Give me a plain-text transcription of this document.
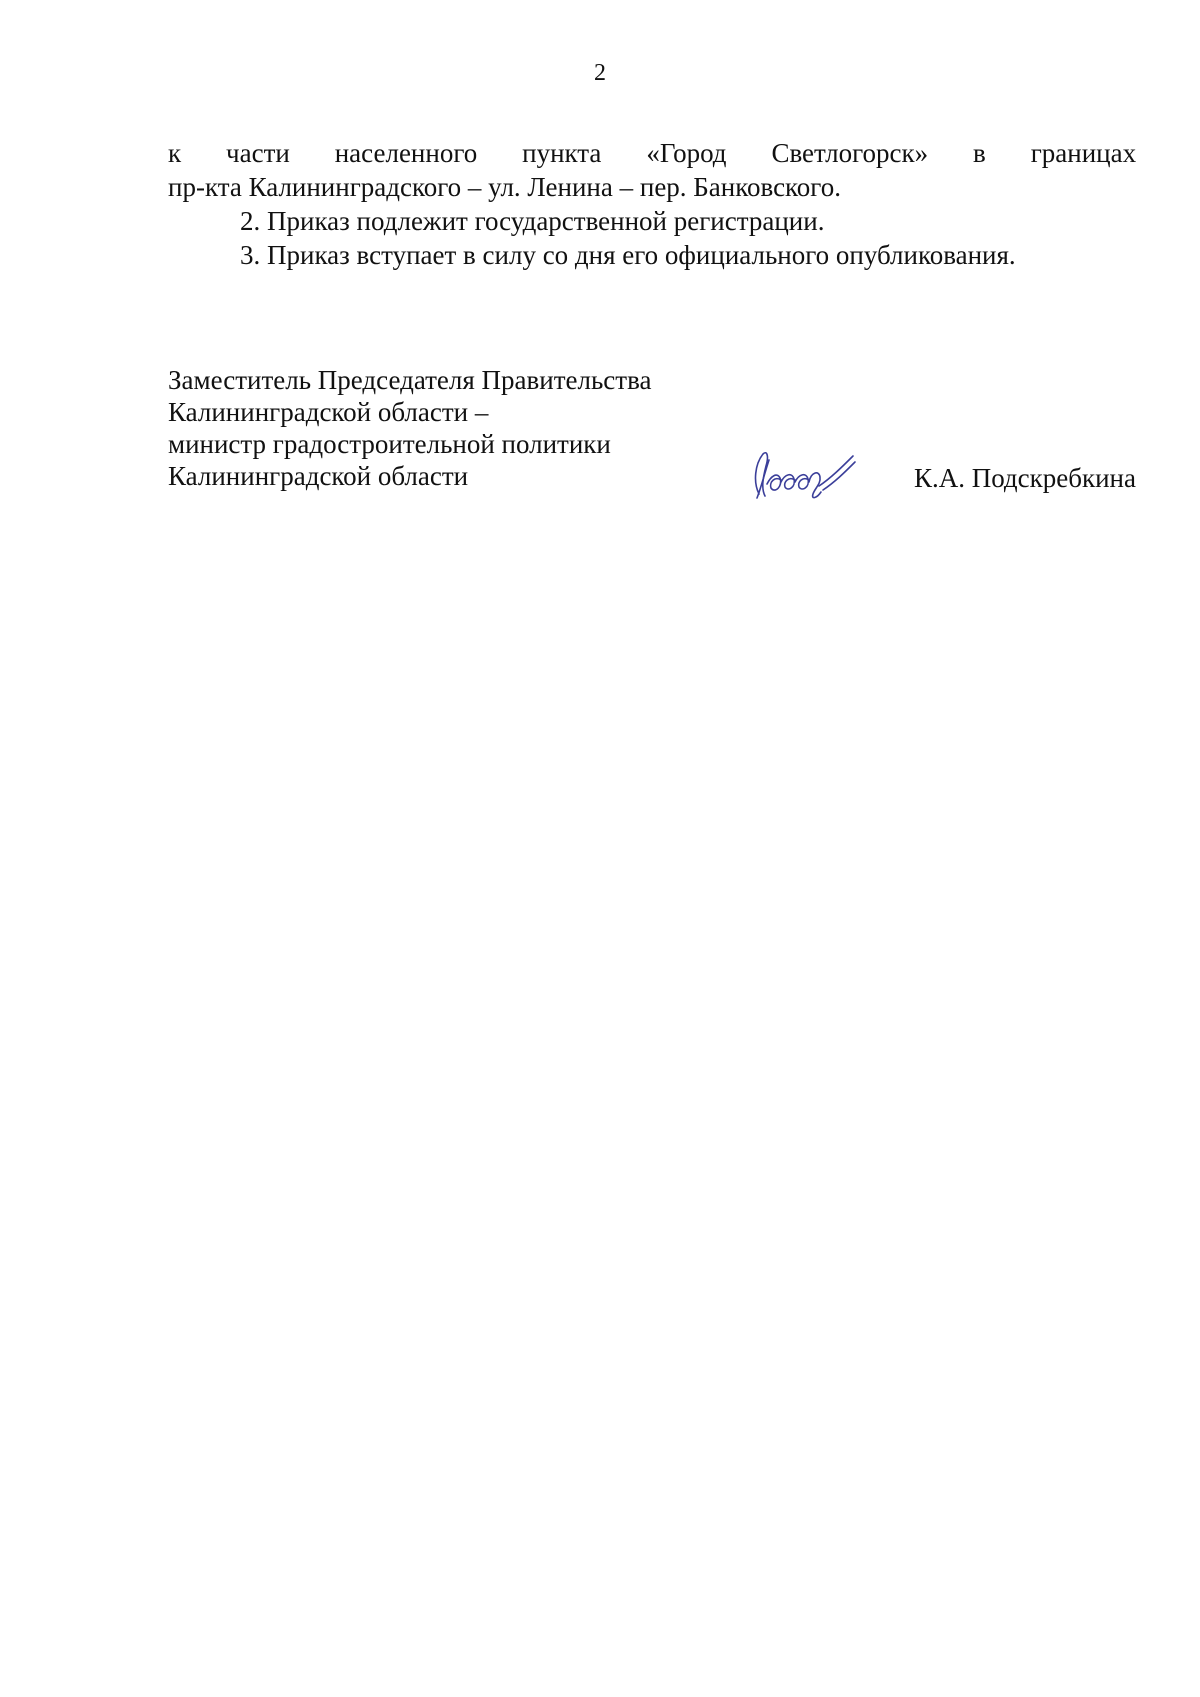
2
к части населенного пункта «Город Светлогорск» в границах
пр-кта Калининградского – ул. Ленина – пер. Банковского.
2. Приказ подлежит государственной регистрации.
3. Приказ вступает в силу со дня его официального опубликования.
Заместитель Председателя Правительства
Калининградской области –
министр градостроительной политики
Калининградской области	К.А. Подскребкина
